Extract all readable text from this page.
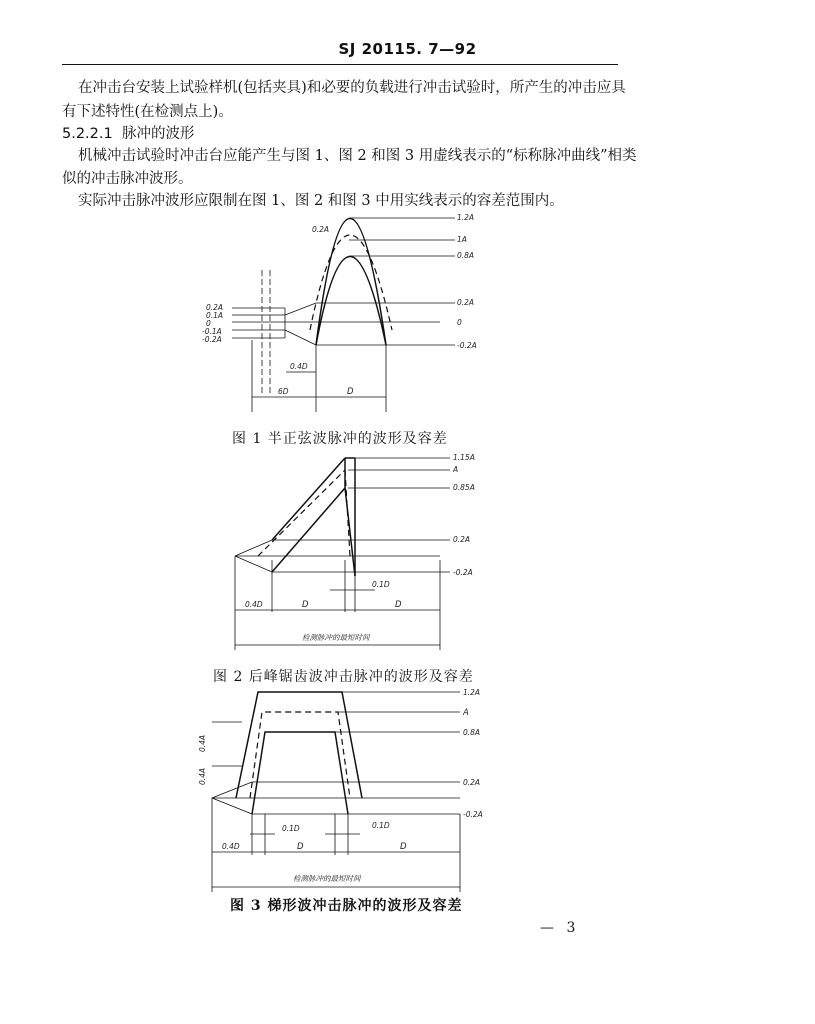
SJ 20115. 7—92
在冲击台安装上试验样机(包括夹具)和必要的负载进行冲击试验时，所产生的冲击应具
有下述特性(在检测点上)。
5.2.2.1 脉冲的波形
机械冲击试验时冲击台应能产生与图 1、图 2 和图 3 用虚线表示的“标称脉冲曲线”相类
似的冲击脉冲波形。
实际冲击脉冲波形应限制在图 1、图 2 和图 3 中用实线表示的容差范围内。
1.2A
0.2A
1A
0.8A
0.2A
0
-0.2A
0.2A
0.1A
0
-0.1A
-0.2A
0.4D
6D	D
1.15A
A
0.85A
0.2A
-0.2A
0.4D	D
0.1D
D
检测脉冲的最短时间
1.2A
A
0.8A
0.2A
-0.2A
0.4A
0.4A
0.1D	0.1D
0.4D	D	D
检测脉冲的最短时间
图 1 半正弦波脉冲的波形及容差
图 2 后峰锯齿波冲击脉冲的波形及容差
图 3 梯形波冲击脉冲的波形及容差
— 3
